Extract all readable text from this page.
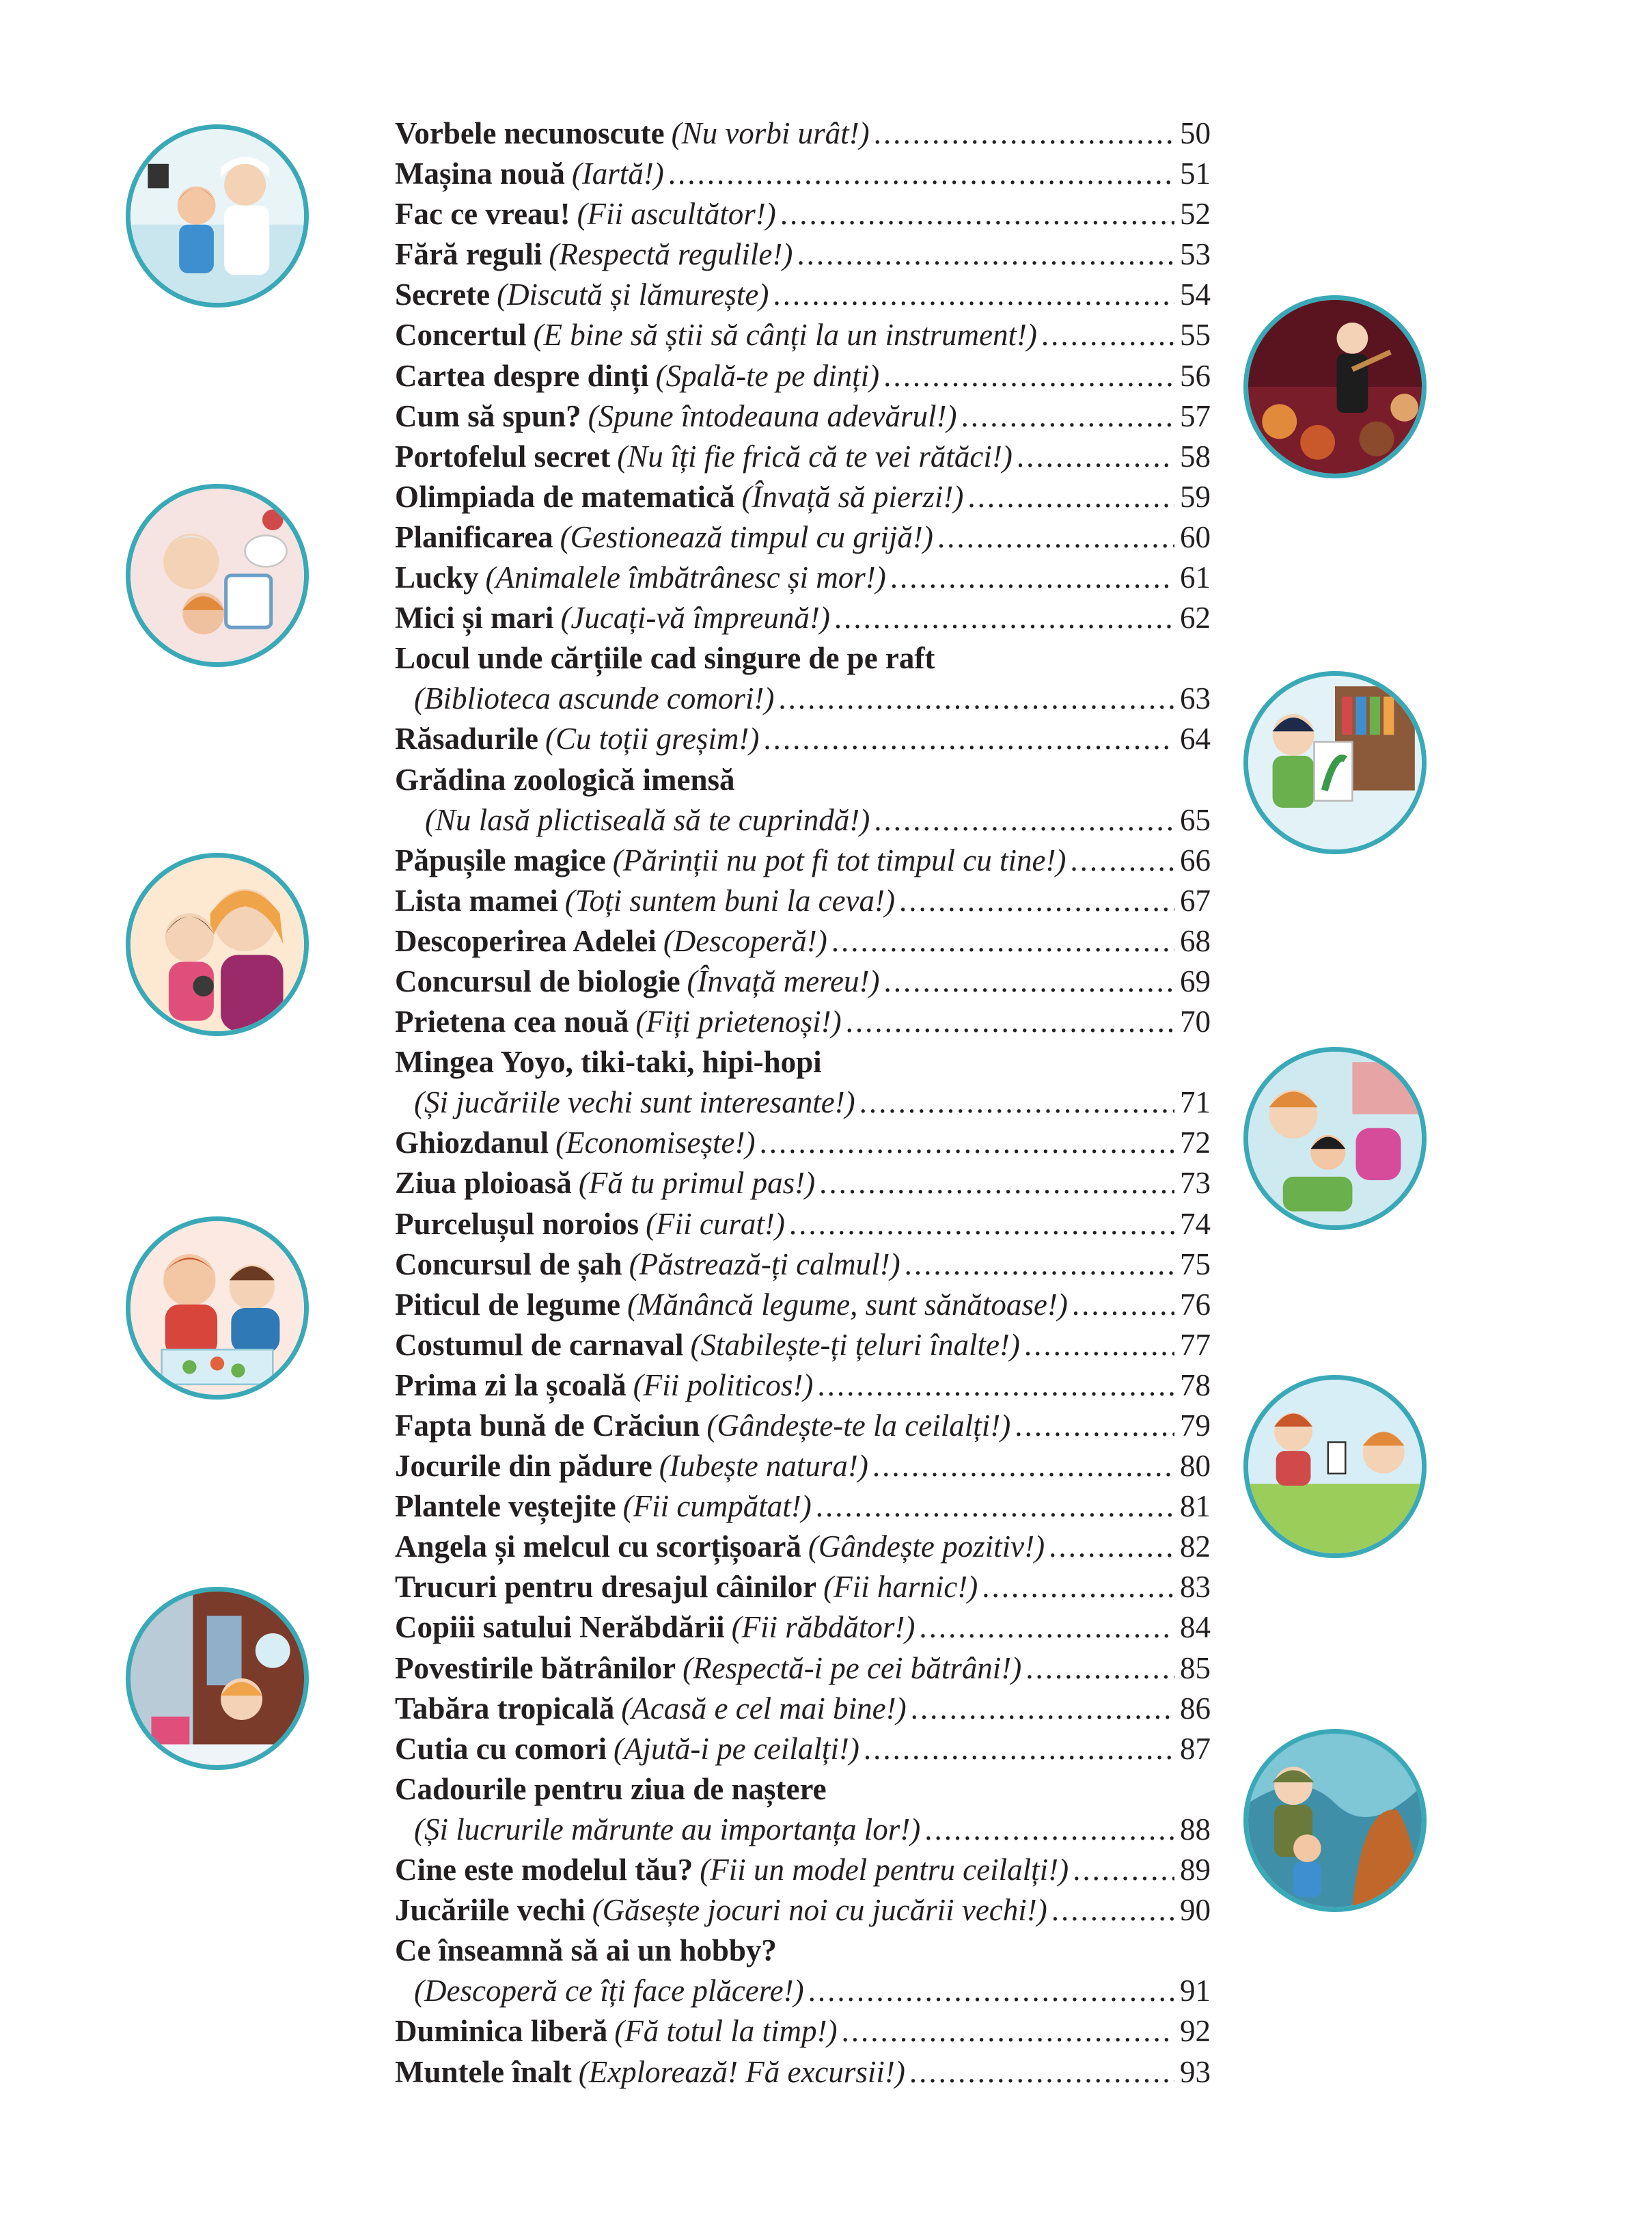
Vorbele necunoscute (Nu vorbi urât!) .....	50
Mașina nouă (Iartă!) .....	51
Fac ce vreau! (Fii ascultător!) .....	52
Fără reguli (Respectă regulile!) .....	53
Secrete (Discută și lămurește) .....	54
Concertul (E bine să știi să cânți la un instrument!) .....	55
Cartea despre dinți (Spală-te pe dinți) .....	56
Cum să spun? (Spune întodeauna adevărul!) .....	57
Portofelul secret (Nu îți fie frică că te vei rătăci!) .....	58
Olimpiada de matematică (Învață să pierzi!) .....	59
Planificarea (Gestionează timpul cu grijă!) .....	60
Lucky (Animalele îmbătrânesc și mor!) .....	61
Mici și mari (Jucați-vă împreună!) .....	62
Locul unde cărțiile cad singure de pe raft
(Biblioteca ascunde comori!) .....	63
Răsadurile (Cu toții greșim!) .....	64
Grădina zoologică imensă
(Nu lasă plictiseală să te cuprindă!) .....	65
Păpușile magice (Părinții nu pot fi tot timpul cu tine!) .....	66
Lista mamei (Toți suntem buni la ceva!) .....	67
Descoperirea Adelei (Descoperă!) .....	68
Concursul de biologie (Învață mereu!) .....	69
Prietena cea nouă (Fiți prietenoși!) .....	70
Mingea Yoyo, tiki-taki, hipi-hopi
(Și jucăriile vechi sunt interesante!) .....	71
Ghiozdanul (Economisește!) .....	72
Ziua ploioasă (Fă tu primul pas!) .....	73
Purcelușul noroios (Fii curat!) .....	74
Concursul de șah (Păstrează-ți calmul!) .....	75
Piticul de legume (Mănâncă legume, sunt sănătoase!) .....	76
Costumul de carnaval (Stabilește-ți țeluri înalte!) .....	77
Prima zi la școală (Fii politicos!) .....	78
Fapta bună de Crăciun (Gândește-te la ceilalți!) .....	79
Jocurile din pădure (Iubește natura!) .....	80
Plantele veștejite (Fii cumpătat!) .....	81
Angela și melcul cu scorțișoară (Gândește pozitiv!) .....	82
Trucuri pentru dresajul câinilor (Fii harnic!) .....	83
Copiii satului Nerăbdării (Fii răbdător!) .....	84
Povestirile bătrânilor (Respectă-i pe cei bătrâni!) .....	85
Tabăra tropicală (Acasă e cel mai bine!) .....	86
Cutia cu comori (Ajută-i pe ceilalți!) .....	87
Cadourile pentru ziua de naștere
(Și lucrurile mărunte au importanța lor!) .....	88
Cine este modelul tău? (Fii un model pentru ceilalți!) .....	89
Jucăriile vechi (Găsește jocuri noi cu jucării vechi!) .....	90
Ce înseamnă să ai un hobby?
(Descoperă ce îți face plăcere!) .....	91
Duminica liberă (Fă totul la timp!) .....	92
Muntele înalt (Explorează! Fă excursii!) .....	93
